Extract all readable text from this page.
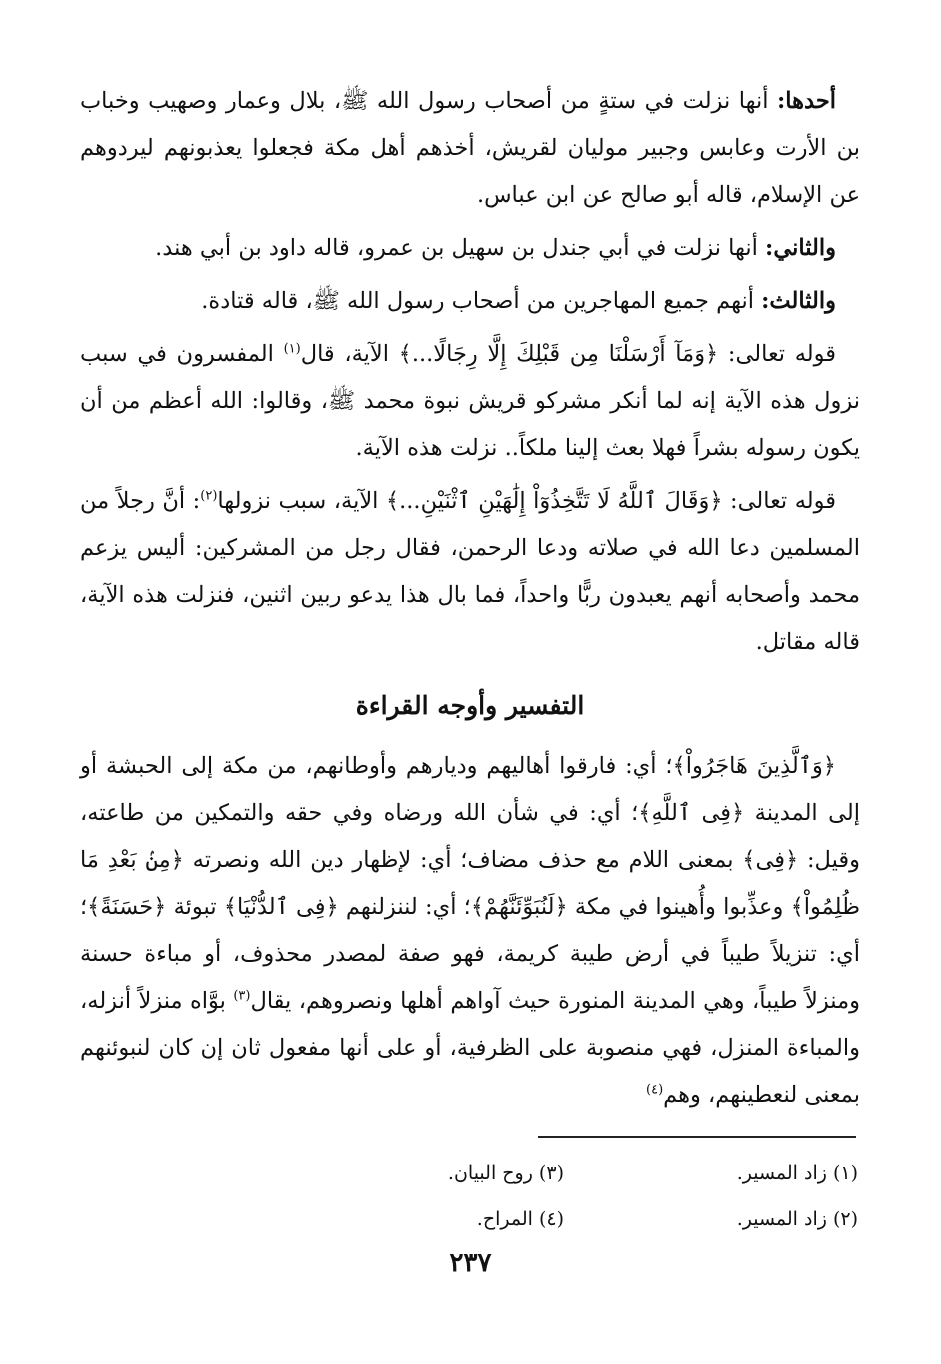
أحدها: أنها نزلت في ستةٍ من أصحاب رسول الله ﷺ، بلال وعمار وصهيب وخباب بن الأرت وعابس وجبير موليان لقريش، أخذهم أهل مكة فجعلوا يعذبونهم ليردوهم عن الإسلام، قاله أبو صالح عن ابن عباس.

والثاني: أنها نزلت في أبي جندل بن سهيل بن عمرو، قاله داود بن أبي هند.

والثالث: أنهم جميع المهاجرين من أصحاب رسول الله ﷺ، قاله قتادة.

قوله تعالى: ﴿وَمَآ أَرْسَلْنَا مِن قَبْلِكَ إِلَّا رِجَالًا...﴾ الآية، قال$^{(١)}$ المفسرون في سبب نزول هذه الآية إنه لما أنكر مشركو قريش نبوة محمد ﷺ، وقالوا: الله أعظم من أن يكون رسوله بشراً فهلا بعث إلينا ملكاً.. نزلت هذه الآية.

قوله تعالى: ﴿وَقَالَ ٱللَّهُ لَا تَتَّخِذُوٓاْ إِلَٰهَيْنِ ٱثْنَيْنِ...﴾ الآية، سبب نزولها$^{(٢)}$: أنَّ رجلاً من المسلمين دعا الله في صلاته ودعا الرحمن، فقال رجل من المشركين: أليس يزعم محمد وأصحابه أنهم يعبدون ربًّا واحداً، فما بال هذا يدعو ربين اثنين، فنزلت هذه الآية، قاله مقاتل.

التفسير وأوجه القراءة

﴿وَٱلَّذِينَ هَاجَرُواْ﴾؛ أي: فارقوا أهاليهم وديارهم وأوطانهم، من مكة إلى الحبشة أو إلى المدينة ﴿فِى ٱللَّهِ﴾؛ أي: في شأن الله ورضاه وفي حقه والتمكين من طاعته، وقيل: ﴿فِى﴾ بمعنى اللام مع حذف مضاف؛ أي: لإظهار دين الله ونصرته ﴿مِنۢ بَعْدِ مَا ظُلِمُواْ﴾ وعذِّبوا وأُهينوا في مكة ﴿لَنُبَوِّئَنَّهُمْ﴾؛ أي: لننزلنهم ﴿فِى ٱلدُّنْيَا﴾ تبوئة ﴿حَسَنَةً﴾؛ أي: تنزيلاً طيباً في أرض طيبة كريمة، فهو صفة لمصدر محذوف، أو مباءة حسنة ومنزلاً طيباً، وهي المدينة المنورة حيث آواهم أهلها ونصروهم، يقال$^{(٣)}$ بوَّاه منزلاً أنزله، والمباءة المنزل، فهي منصوبة على الظرفية، أو على أنها مفعول ثان إن كان لنبوئنهم بمعنى لنعطينهم، وهم$^{(٤)}$

(١) زاد المسير.
(٣) روح البيان.
(٢) زاد المسير.
(٤) المراح.
٢٣٧
